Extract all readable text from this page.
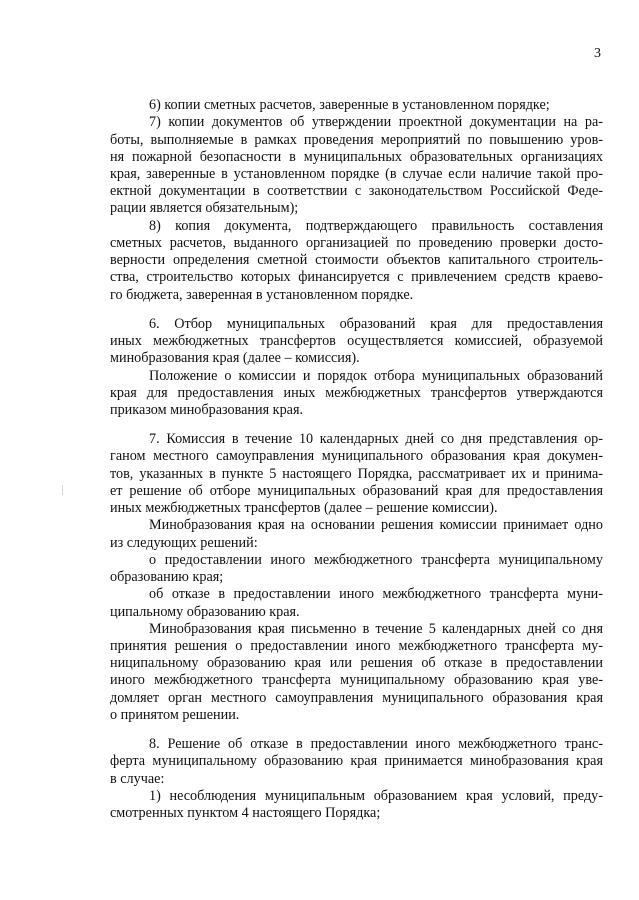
3
6) копии сметных расчетов, заверенные в установленном порядке;
7) копии документов об утверждении проектной документации на ра-
боты, выполняемые в рамках проведения мероприятий по повышению уров-
ня пожарной безопасности в муниципальных образовательных организациях
края, заверенные в установленном порядке (в случае если наличие такой про-
ектной документации в соответствии с законодательством Российской Феде-
рации является обязательным);
8) копия документа, подтверждающего правильность составления
сметных расчетов, выданного организацией по проведению проверки досто-
верности определения сметной стоимости объектов капитального строитель-
ства, строительство которых финансируется с привлечением средств краево-
го бюджета, заверенная в установленном порядке.
6. Отбор муниципальных образований края для предоставления
иных межбюджетных трансфертов осуществляется комиссией, образуемой
минобразования края (далее – комиссия).
Положение о комиссии и порядок отбора муниципальных образований
края для предоставления иных межбюджетных трансфертов утверждаются
приказом минобразования края.
7. Комиссия в течение 10 календарных дней со дня представления ор-
ганом местного самоуправления муниципального образования края докумен-
тов, указанных в пункте 5 настоящего Порядка, рассматривает их и принима-
ет решение об отборе муниципальных образований края для предоставления
иных межбюджетных трансфертов (далее – решение комиссии).
Минобразования края на основании решения комиссии принимает одно
из следующих решений:
о предоставлении иного межбюджетного трансферта муниципальному
образованию края;
об отказе в предоставлении иного межбюджетного трансферта муни-
ципальному образованию края.
Минобразования края письменно в течение 5 календарных дней со дня
принятия решения о предоставлении иного межбюджетного трансферта му-
ниципальному образованию края или решения об отказе в предоставлении
иного межбюджетного трансферта муниципальному образованию края уве-
домляет орган местного самоуправления муниципального образования края
о принятом решении.
8. Решение об отказе в предоставлении иного межбюджетного транс-
ферта муниципальному образованию края принимается минобразования края
в случае:
1) несоблюдения муниципальным образованием края условий, преду-
смотренных пунктом 4 настоящего Порядка;
